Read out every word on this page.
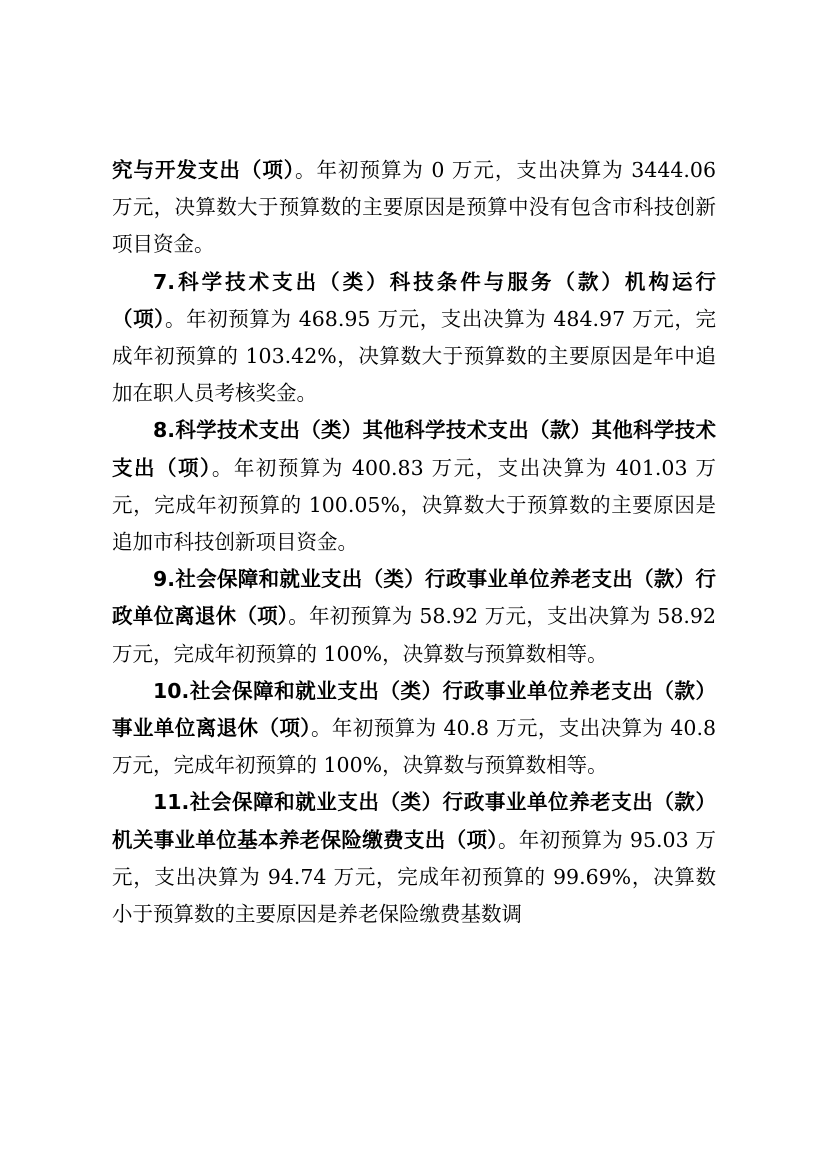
究与开发支出（项）。年初预算为 0 万元，支出决算为 3444.06 万元，决算数大于预算数的主要原因是预算中没有包含市科技创新项目资金。

7.科学技术支出（类）科技条件与服务（款）机构运行（项）。年初预算为 468.95 万元，支出决算为 484.97 万元，完成年初预算的 103.42%，决算数大于预算数的主要原因是年中追加在职人员考核奖金。

8.科学技术支出（类）其他科学技术支出（款）其他科学技术支出（项）。年初预算为 400.83 万元，支出决算为 401.03 万元，完成年初预算的 100.05%，决算数大于预算数的主要原因是追加市科技创新项目资金。

9.社会保障和就业支出（类）行政事业单位养老支出（款）行政单位离退休（项）。年初预算为 58.92 万元，支出决算为 58.92 万元，完成年初预算的 100%，决算数与预算数相等。

10.社会保障和就业支出（类）行政事业单位养老支出（款）事业单位离退休（项）。年初预算为 40.8 万元，支出决算为 40.8 万元，完成年初预算的 100%，决算数与预算数相等。

11.社会保障和就业支出（类）行政事业单位养老支出（款）机关事业单位基本养老保险缴费支出（项）。年初预算为 95.03 万元，支出决算为 94.74 万元，完成年初预算的 99.69%，决算数小于预算数的主要原因是养老保险缴费基数调
